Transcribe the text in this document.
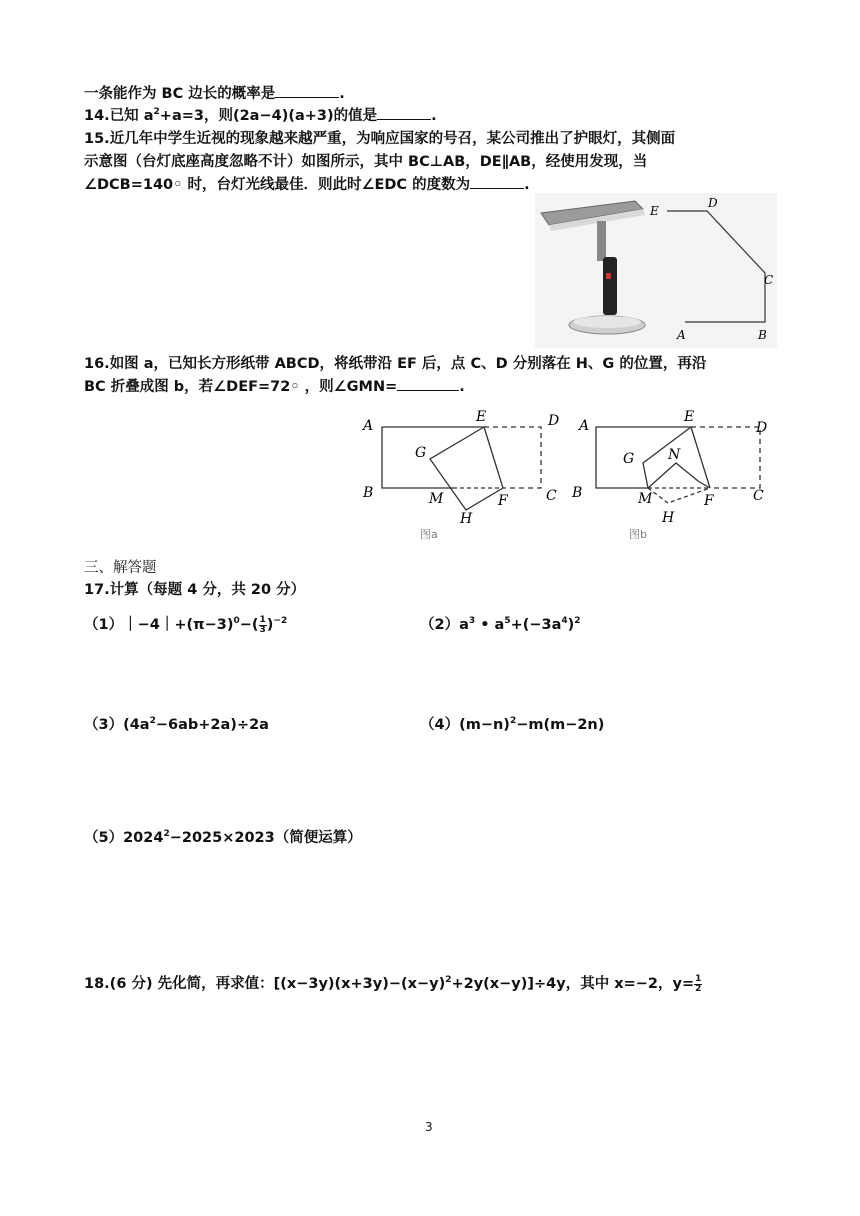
一条能作为 BC 边长的概率是	.
14.已知 $a^2+a=3$，则(2a−4)(a+3)的值是	.
15.近几年中学生近视的现象越来越严重，为响应国家的号召，某公司推出了护眼灯，其侧面
示意图（台灯底座高度忽略不计）如图所示，其中 BC⊥AB，DE∥AB，经使用发现，当
∠DCB=140◦ 时，台灯光线最佳．则此时∠EDC 的度数为	.
E
D
C
A	B
16.如图 a，已知长方形纸带 ABCD，将纸带沿 EF 后，点 C、D 分别落在 H、G 的位置，再沿
BC 折叠成图 b，若∠DEF=72◦ ，则∠GMN=	.
A
B	C
D
E
F
G
H
M
图a
A
B	C
D
E
F
G
H
M
N
图b
三、解答题
17.计算（每题 4 分，共 20 分）
$(1)|-4|+(\pi-3)^0-( \frac{1}{3} )^{-2}$	$(2)a^3$ • $a^5+(-3a^4)^2$
$(3)(4a^2-6ab+2a)\div 2a$	$(4)(m-n)^2-m(m-2n)$
$(5)2024^2-2025\times 2023$（简便运算）
18.(6 分) 先化简，再求值：$[(x-3y)(x+3y)-(x-y)^2+2y(x-y)]\div 4y$，其中 x=−2，$y= \frac{1}{2}$
3
